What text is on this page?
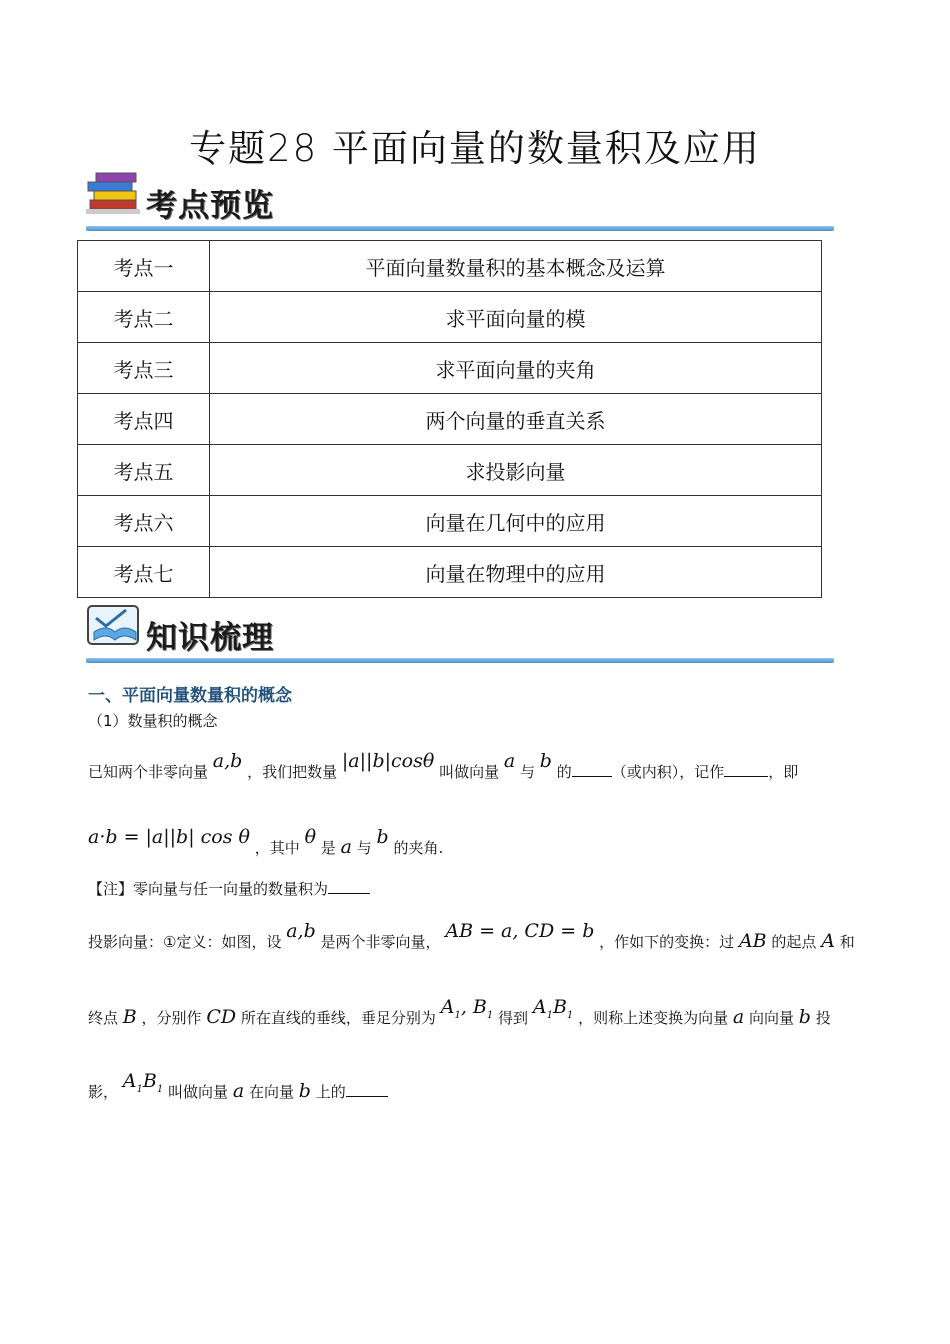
专题28 平面向量的数量积及应用
考点预览
考点一	平面向量数量积的基本概念及运算
考点二	求平面向量的模
考点三	求平面向量的夹角
考点四	两个向量的垂直关系
考点五	求投影向量
考点六	向量在几何中的应用
考点七	向量在物理中的应用
知识梳理
一、平面向量数量积的概念
（1）数量积的概念
已知两个非零向量 a,b ，我们把数量 |a||b|cosθ 叫做向量 a 与 b 的	（或内积），记作	，即
a·b = |a||b| cos θ ，其中 θ 是 a 与 b 的夹角.
【注】零向量与任一向量的数量积为
投影向量：①定义：如图，设 a,b 是两个非零向量， AB = a, CD = b ，作如下的变换：过 AB 的起点 A 和
终点 B ，分别作 CD 所在直线的垂线，垂足分别为 $A_1$, $B_1$ 得到 $A_1B_1$ ，则称上述变换为向量 a 向向量 b 投
影， $A_1B_1$ 叫做向量 a 在向量 b 上的
